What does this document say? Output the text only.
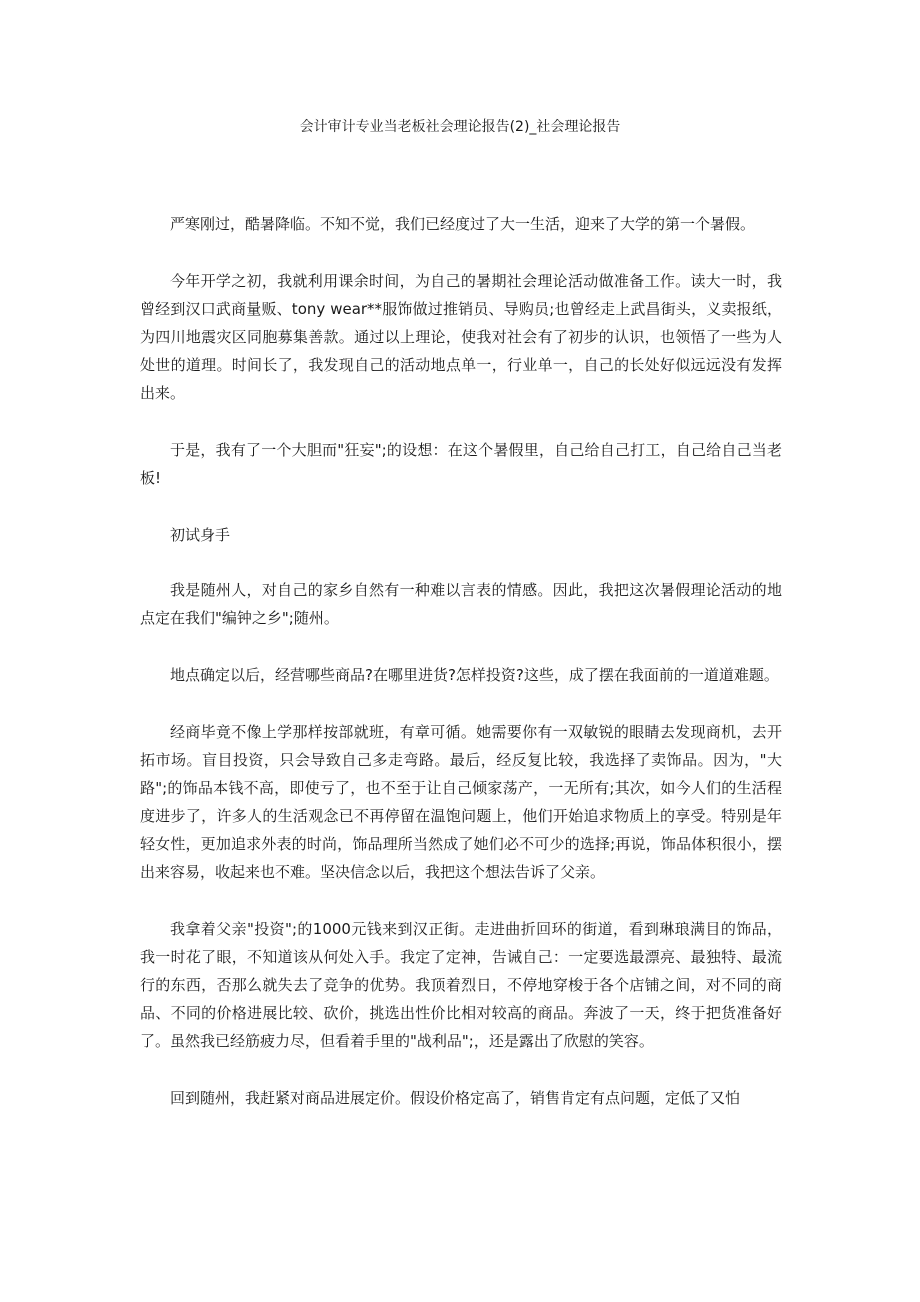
会计审计专业当老板社会理论报告(2)_社会理论报告

严寒刚过，酷暑降临。不知不觉，我们已经度过了大一生活，迎来了大学的第一个暑假。

今年开学之初，我就利用课余时间，为自己的暑期社会理论活动做准备工作。读大一时，我曾经到汉口武商量贩、tony wear**服饰做过推销员、导购员;也曾经走上武昌街头，义卖报纸，为四川地震灾区同胞募集善款。通过以上理论，使我对社会有了初步的认识，也领悟了一些为人处世的道理。时间长了，我发现自己的活动地点单一，行业单一，自己的长处好似远远没有发挥出来。

于是，我有了一个大胆而"狂妄";的设想：在这个暑假里，自己给自己打工，自己给自己当老板!

初试身手

我是随州人，对自己的家乡自然有一种难以言表的情感。因此，我把这次暑假理论活动的地点定在我们"编钟之乡";随州。

地点确定以后，经营哪些商品?在哪里进货?怎样投资?这些，成了摆在我面前的一道道难题。

经商毕竟不像上学那样按部就班，有章可循。她需要你有一双敏锐的眼睛去发现商机，去开拓市场。盲目投资，只会导致自己多走弯路。最后，经反复比较，我选择了卖饰品。因为，"大路";的饰品本钱不高，即使亏了，也不至于让自己倾家荡产，一无所有;其次，如今人们的生活程度进步了，许多人的生活观念已不再停留在温饱问题上，他们开始追求物质上的享受。特别是年轻女性，更加追求外表的时尚，饰品理所当然成了她们必不可少的选择;再说，饰品体积很小，摆出来容易，收起来也不难。坚决信念以后，我把这个想法告诉了父亲。

我拿着父亲"投资";的1000元钱来到汉正街。走进曲折回环的街道，看到琳琅满目的饰品，我一时花了眼，不知道该从何处入手。我定了定神，告诫自己：一定要选最漂亮、最独特、最流行的东西，否那么就失去了竞争的优势。我顶着烈日，不停地穿梭于各个店铺之间，对不同的商品、不同的价格进展比较、砍价，挑选出性价比相对较高的商品。奔波了一天，终于把货准备好了。虽然我已经筋疲力尽，但看着手里的"战利品";，还是露出了欣慰的笑容。

回到随州，我赶紧对商品进展定价。假设价格定高了，销售肯定有点问题，定低了又怕
